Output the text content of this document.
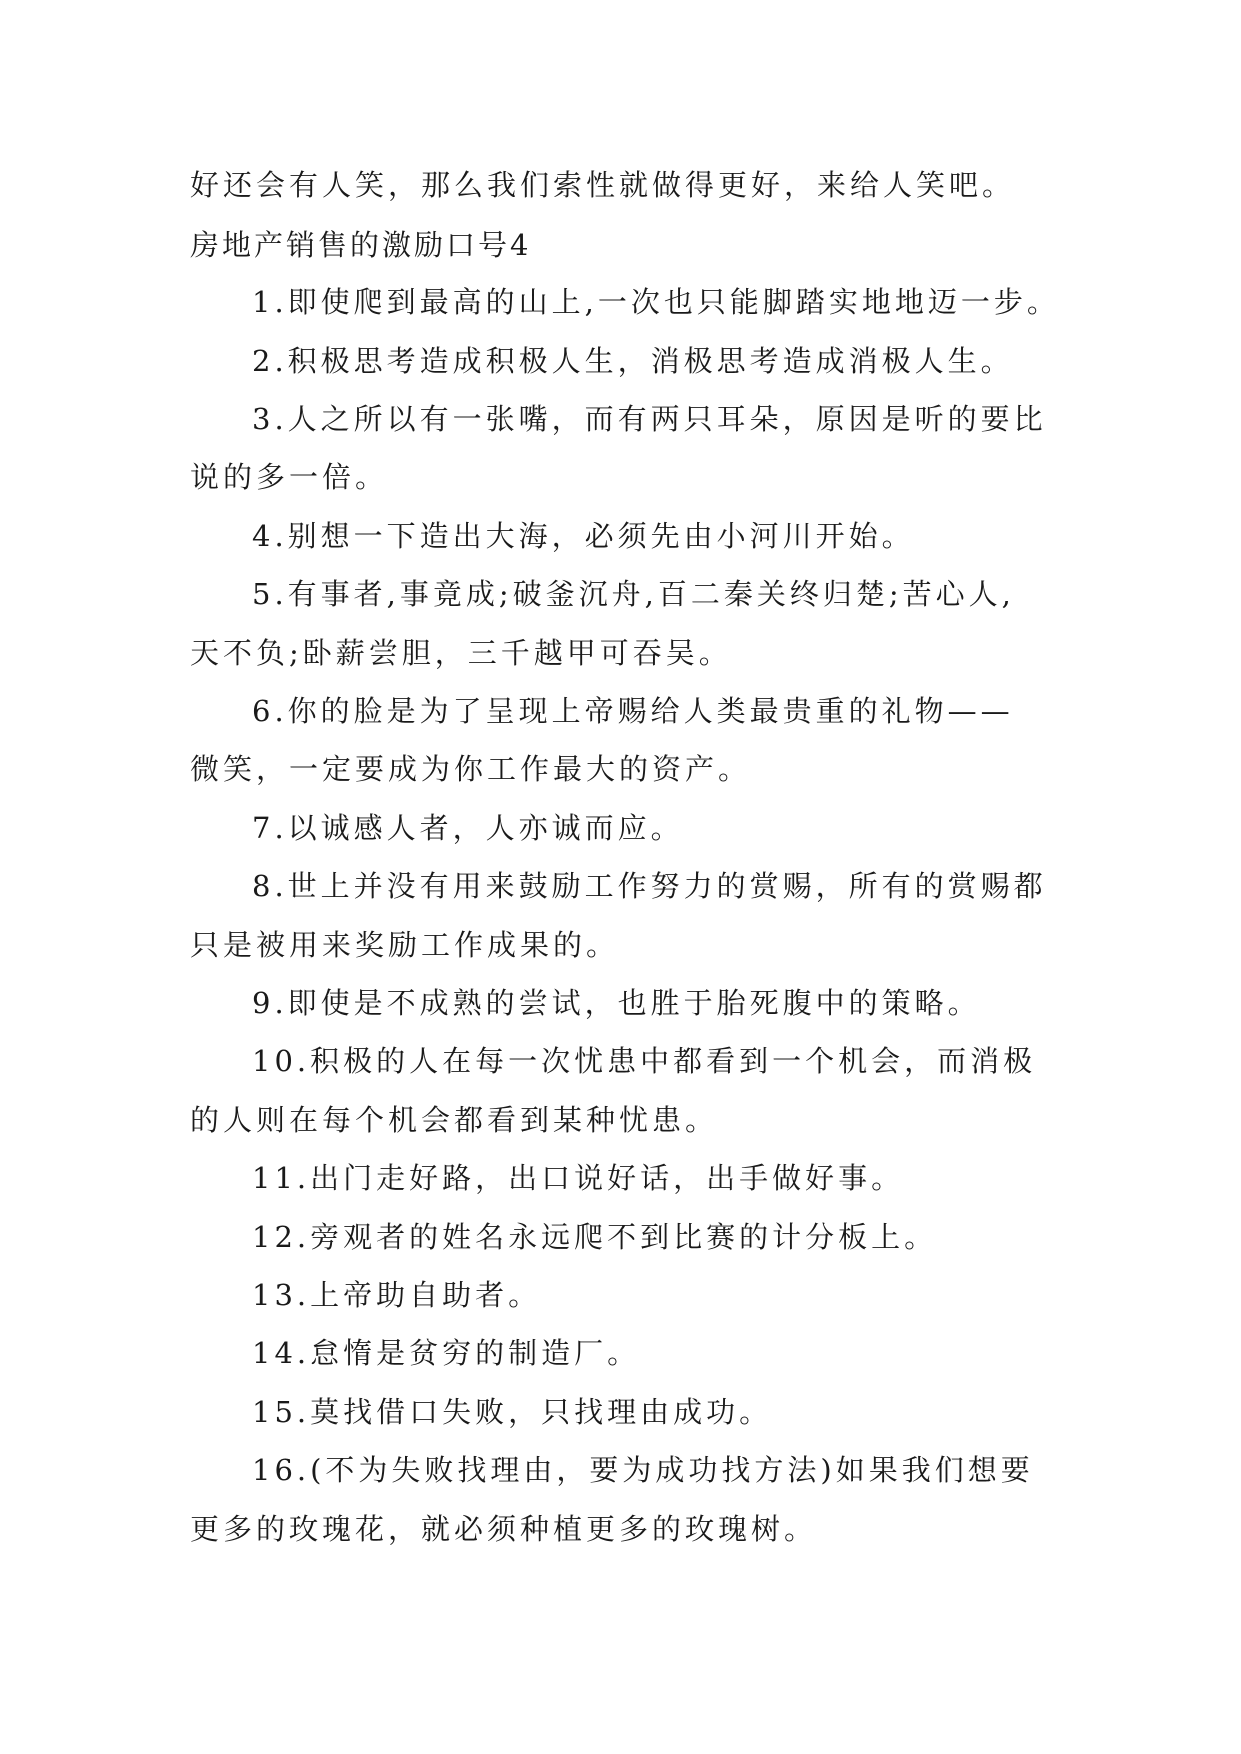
好还会有人笑，那么我们索性就做得更好，来给人笑吧。
房地产销售的激励口号4
1.即使爬到最高的山上,一次也只能脚踏实地地迈一步。
2.积极思考造成积极人生，消极思考造成消极人生。
3.人之所以有一张嘴，而有两只耳朵，原因是听的要比
说的多一倍。
4.别想一下造出大海，必须先由小河川开始。
5.有事者,事竟成;破釜沉舟,百二秦关终归楚;苦心人,
天不负;卧薪尝胆，三千越甲可吞吴。
6.你的脸是为了呈现上帝赐给人类最贵重的礼物——
微笑，一定要成为你工作最大的资产。
7.以诚感人者，人亦诚而应。
8.世上并没有用来鼓励工作努力的赏赐，所有的赏赐都
只是被用来奖励工作成果的。
9.即使是不成熟的尝试，也胜于胎死腹中的策略。
10.积极的人在每一次忧患中都看到一个机会，而消极
的人则在每个机会都看到某种忧患。
11.出门走好路，出口说好话，出手做好事。
12.旁观者的姓名永远爬不到比赛的计分板上。
13.上帝助自助者。
14.怠惰是贫穷的制造厂。
15.莫找借口失败，只找理由成功。
16.(不为失败找理由，要为成功找方法)如果我们想要
更多的玫瑰花，就必须种植更多的玫瑰树。
